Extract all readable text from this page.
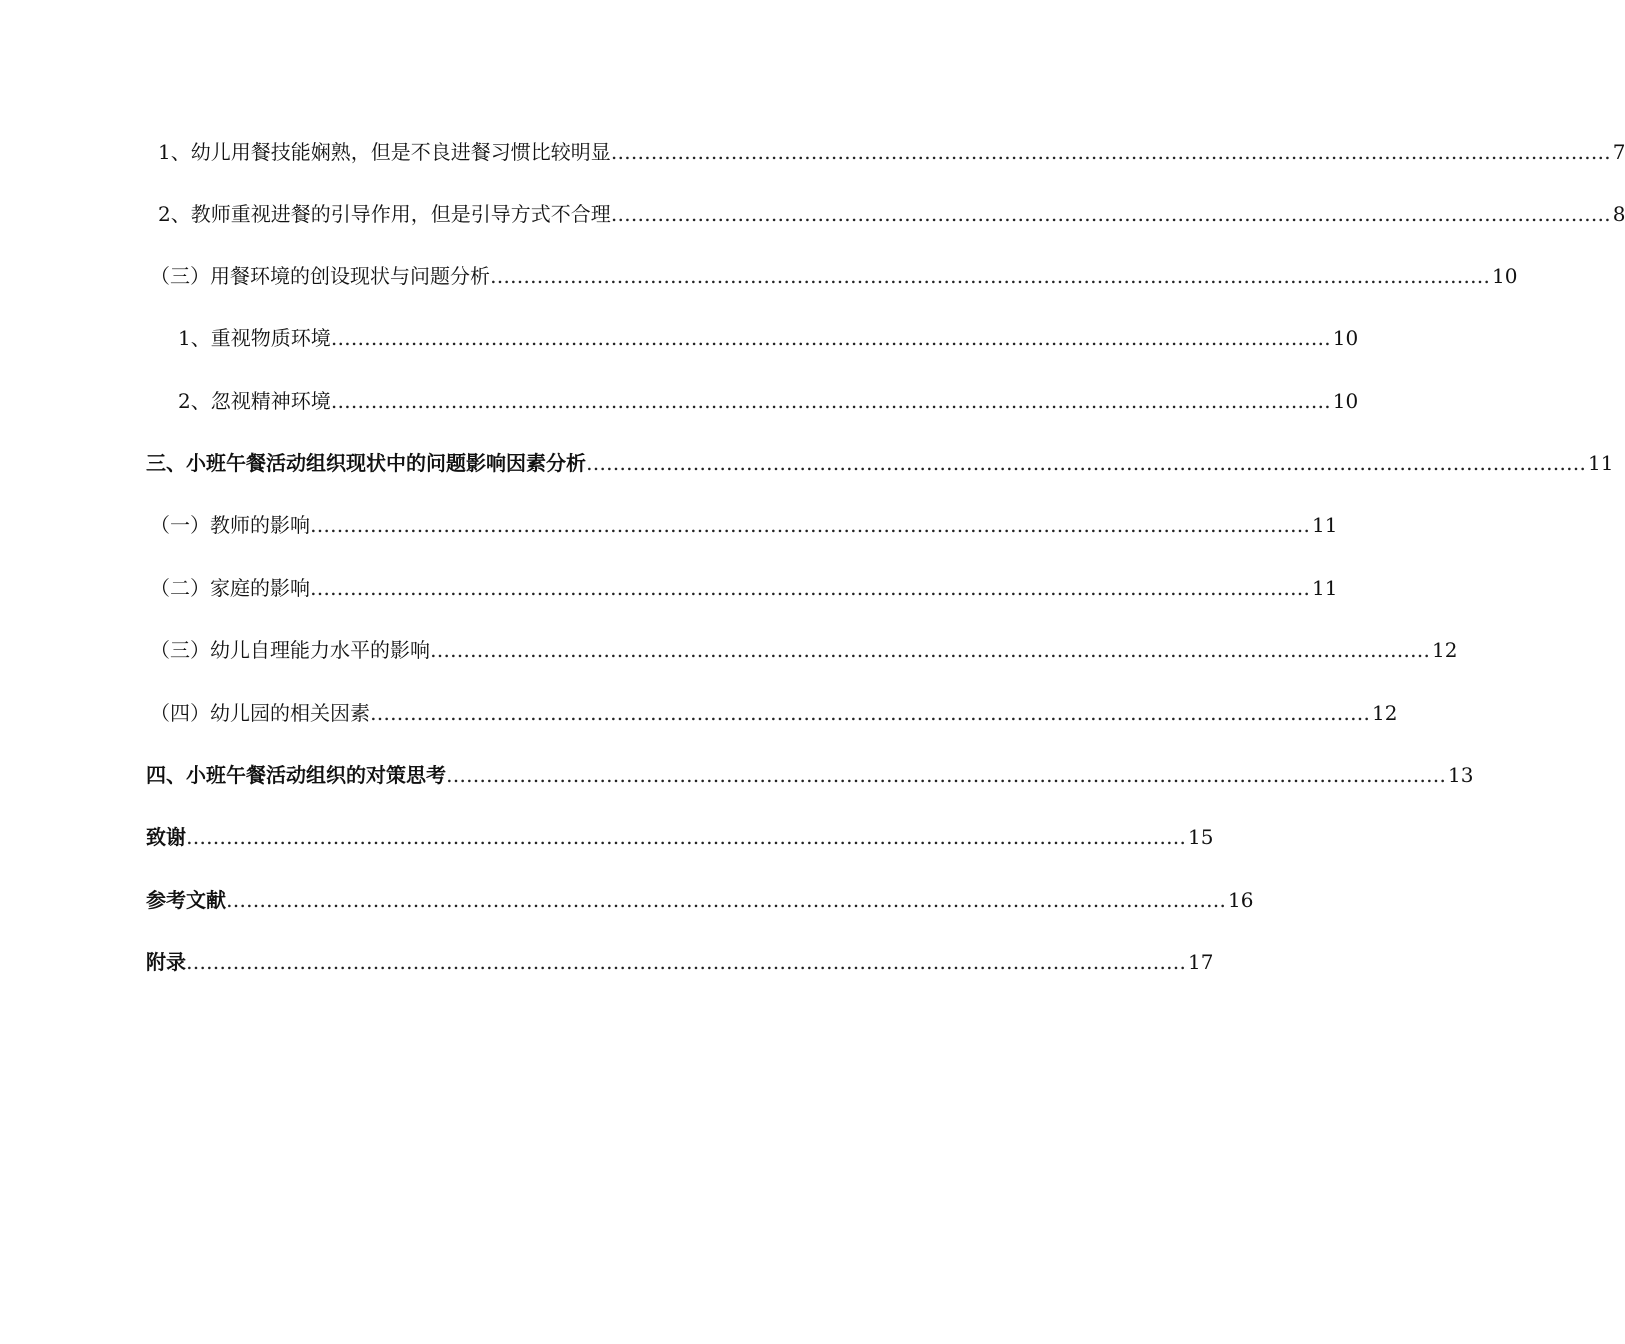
1、幼儿用餐技能娴熟，但是不良进餐习惯比较明显 …………………………………………………………………………………………………………………………………… 7
2、教师重视进餐的引导作用，但是引导方式不合理 …………………………………………………………………………………………………………………………………… 8
（三）用餐环境的创设现状与问题分析 …………………………………………………………………………………………………………………………………… 10
1、重视物质环境 …………………………………………………………………………………………………………………………………… 10
2、忽视精神环境 …………………………………………………………………………………………………………………………………… 10
三、小班午餐活动组织现状中的问题影响因素分析 …………………………………………………………………………………………………………………………………… 11
（一）教师的影响 …………………………………………………………………………………………………………………………………… 11
（二）家庭的影响 …………………………………………………………………………………………………………………………………… 11
（三）幼儿自理能力水平的影响 …………………………………………………………………………………………………………………………………… 12
（四）幼儿园的相关因素 …………………………………………………………………………………………………………………………………… 12
四、小班午餐活动组织的对策思考 …………………………………………………………………………………………………………………………………… 13
致谢 …………………………………………………………………………………………………………………………………… 15
参考文献 …………………………………………………………………………………………………………………………………… 16
附录 …………………………………………………………………………………………………………………………………… 17
